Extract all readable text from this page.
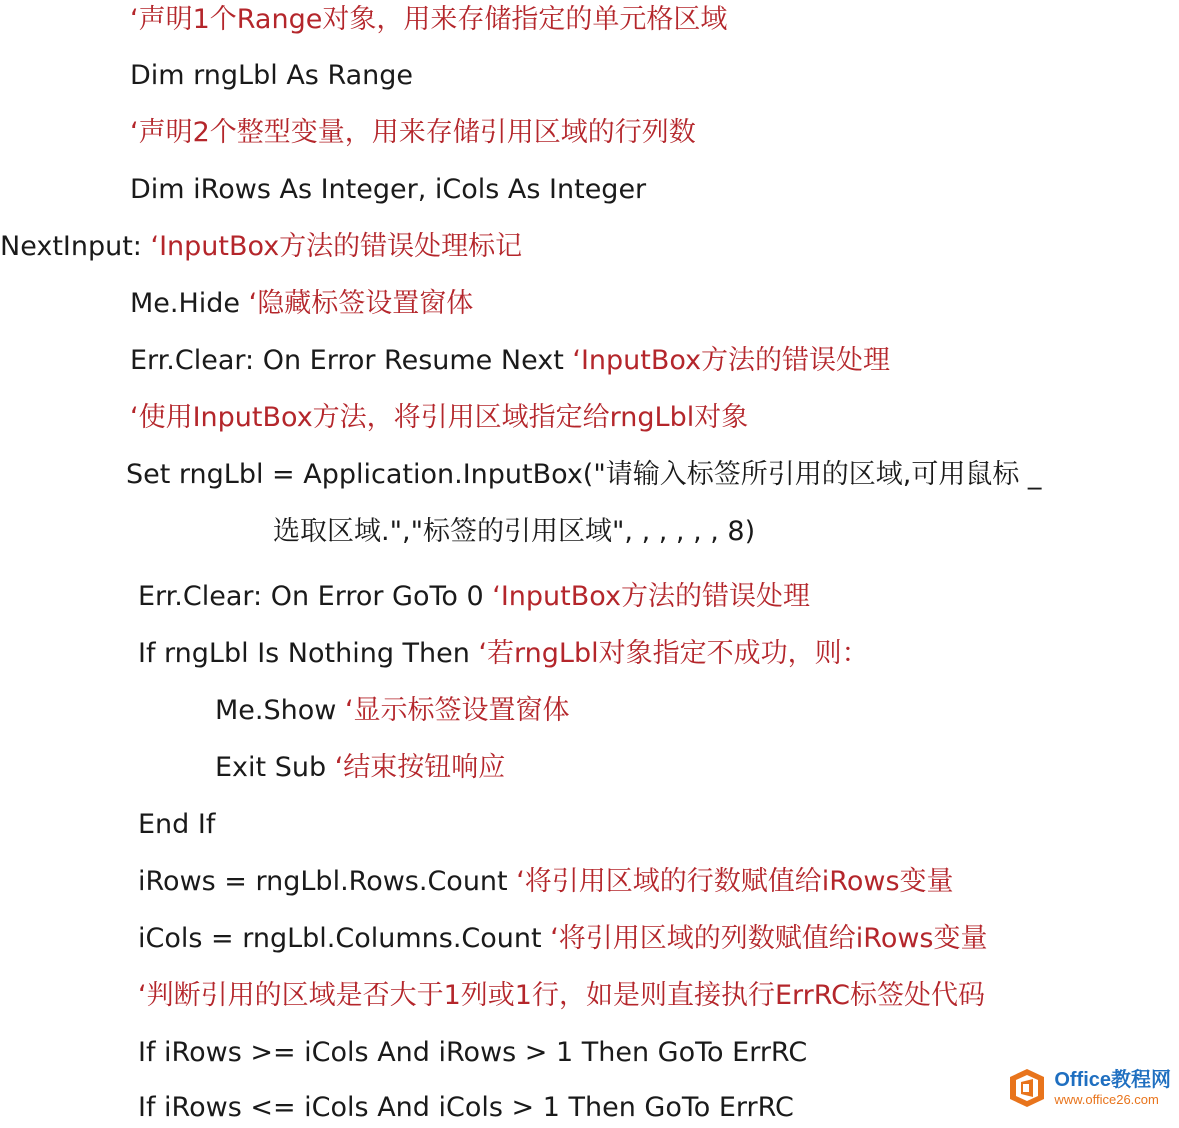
‘声明1个Range对象，用来存储指定的单元格区域
Dim rngLbl As Range
‘声明2个整型变量，用来存储引用区域的行列数
Dim iRows As Integer, iCols As Integer
NextInput: ‘InputBox方法的错误处理标记
Me.Hide ‘隐藏标签设置窗体
Err.Clear: On Error Resume Next ‘InputBox方法的错误处理
‘使用InputBox方法，将引用区域指定给rngLbl对象
Set rngLbl = Application.InputBox("请输入标签所引用的区域,可用鼠标 _
选取区域.","标签的引用区域", , , , , , 8)
Err.Clear: On Error GoTo 0 ‘InputBox方法的错误处理
If rngLbl Is Nothing Then ‘若rngLbl对象指定不成功，则：
Me.Show ‘显示标签设置窗体
Exit Sub ‘结束按钮响应
End If
iRows = rngLbl.Rows.Count ‘将引用区域的行数赋值给iRows变量
iCols = rngLbl.Columns.Count ‘将引用区域的列数赋值给iRows变量
‘判断引用的区域是否大于1列或1行，如是则直接执行ErrRC标签处代码
If iRows >= iCols And iRows > 1 Then GoTo ErrRC
If iRows <= iCols And iCols > 1 Then GoTo ErrRC
Office教程网
www.office26.com
